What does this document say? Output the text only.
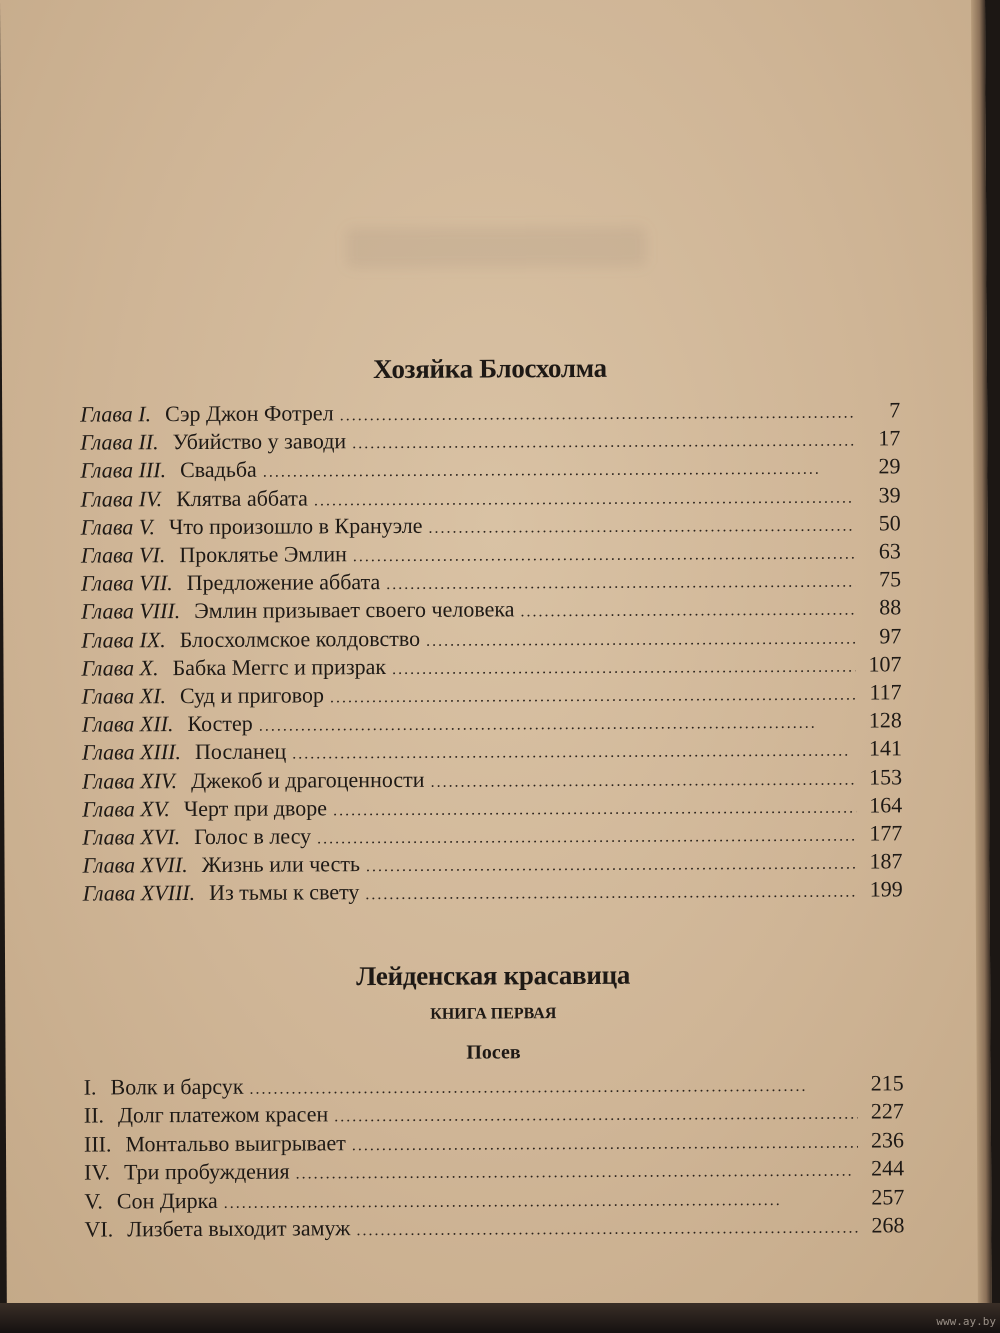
Хозяйка Блосхолма
Глава I. Сэр Джон Фотрел . . .	7
Глава II. Убийство у заводи . . .	17
Глава III. Свадьба . . .	29
Глава IV. Клятва аббата . . .	39
Глава V. Что произошло в Крануэле . . .	50
Глава VI. Проклятье Эмлин . . .	63
Глава VII. Предложение аббата . . .	75
Глава VIII. Эмлин призывает своего человека . . .	88
Глава IX. Блосхолмское колдовство . . .	97
Глава X. Бабка Меггс и призрак . . .	107
Глава XI. Суд и приговор . . .	117
Глава XII. Костер . . .	128
Глава XIII. Посланец . . .	141
Глава XIV. Джекоб и драгоценности . . .	153
Глава XV. Черт при дворе . . .	164
Глава XVI. Голос в лесу . . .	177
Глава XVII. Жизнь или честь . . .	187
Глава XVIII. Из тьмы к свету . . .	199
Лейденская красавица
КНИГА ПЕРВАЯ
Посев
I. Волк и барсук . . .	215
II. Долг платежом красен . . .	227
III. Монтальво выигрывает . . .	236
IV. Три пробуждения . . .	244
V. Сон Дирка . . .	257
VI. Лизбета выходит замуж . . .	268
www.ay.by
